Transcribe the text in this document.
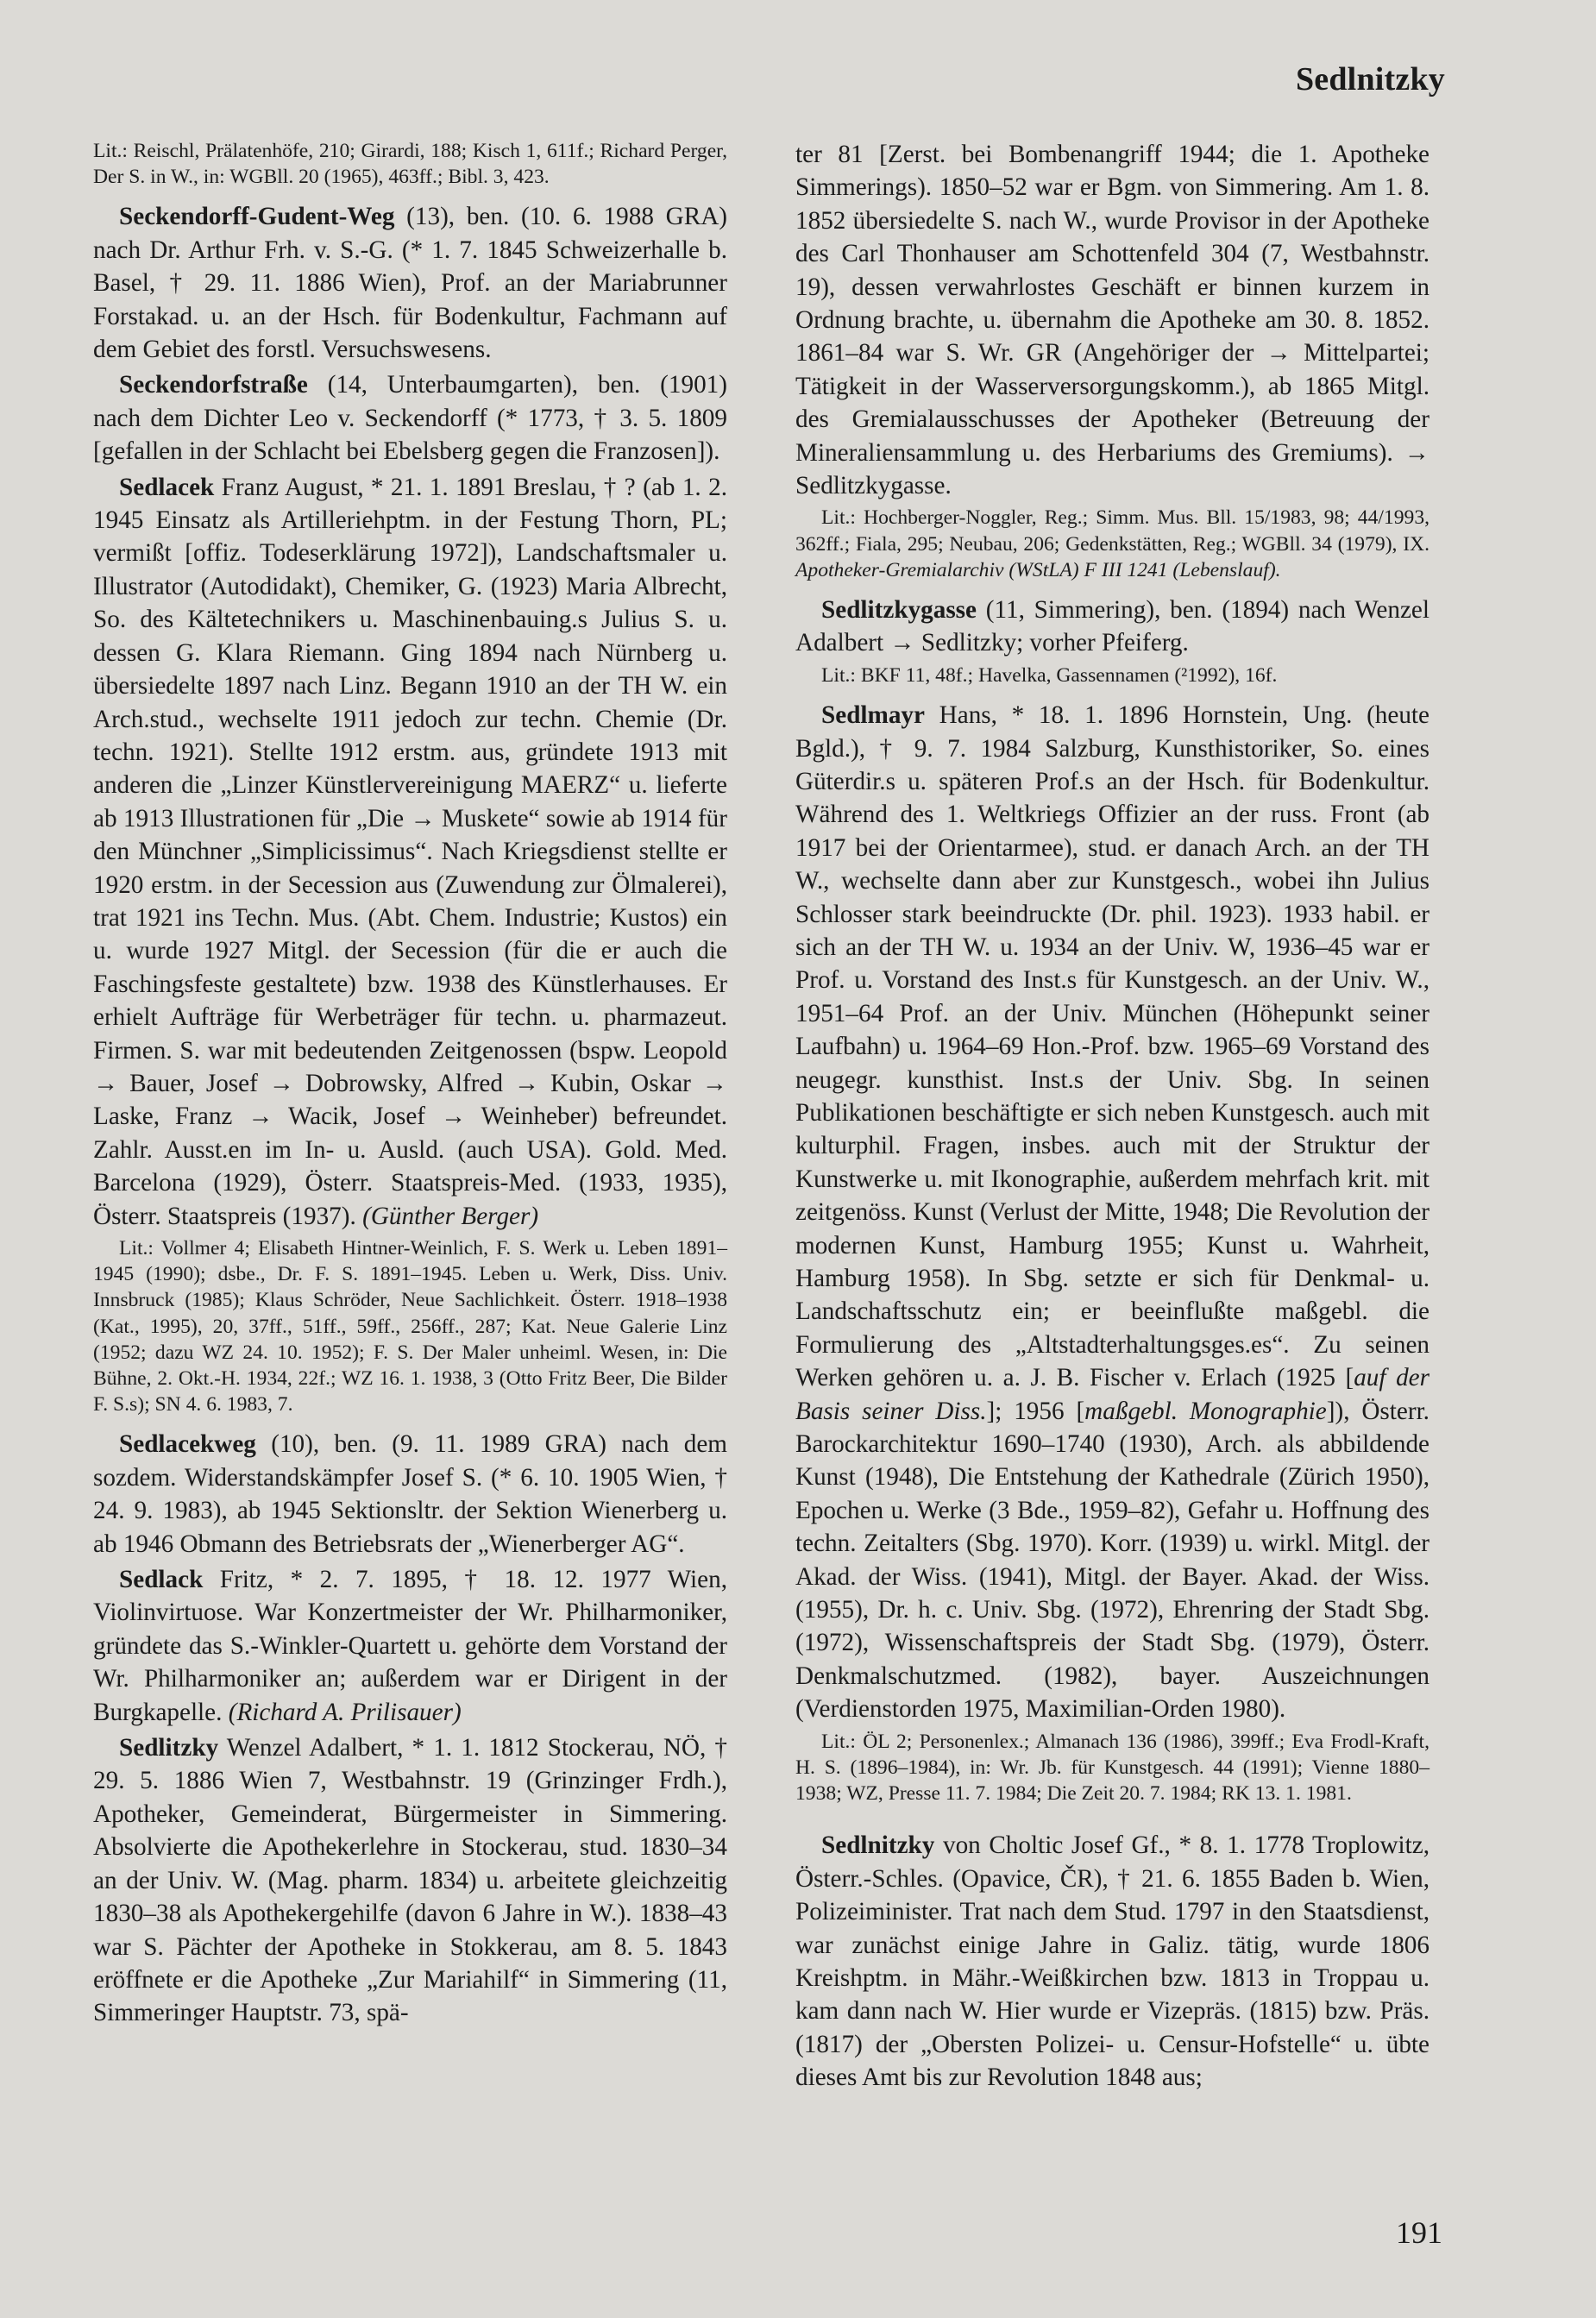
Sedlnitzky

Lit.: Reischl, Prälatenhöfe, 210; Girardi, 188; Kisch 1, 611f.; Richard Perger, Der S. in W., in: WGBll. 20 (1965), 463ff.; Bibl. 3, 423.

Seckendorff-Gudent-Weg (13), ben. (10. 6. 1988 GRA) nach Dr. Arthur Frh. v. S.-G. (* 1. 7. 1845 Schweizerhalle b. Basel, † 29. 11. 1886 Wien), Prof. an der Mariabrunner Forstakad. u. an der Hsch. für Bodenkultur, Fachmann auf dem Gebiet des forstl. Versuchswesens.

Seckendorfstraße (14, Unterbaumgarten), ben. (1901) nach dem Dichter Leo v. Seckendorff (* 1773, † 3. 5. 1809 [gefallen in der Schlacht bei Ebelsberg gegen die Franzosen]).

Sedlacek Franz August, * 21. 1. 1891 Breslau, † ? (ab 1. 2. 1945 Einsatz als Artilleriehptm. in der Festung Thorn, PL; vermißt [offiz. Todeserklärung 1972]), Landschaftsmaler u. Illustrator (Autodidakt), Chemiker, G. (1923) Maria Albrecht, So. des Kältetechnikers u. Maschinenbauing.s Julius S. u. dessen G. Klara Riemann. Ging 1894 nach Nürnberg u. übersiedelte 1897 nach Linz. Begann 1910 an der TH W. ein Arch.stud., wechselte 1911 jedoch zur techn. Chemie (Dr. techn. 1921). Stellte 1912 erstm. aus, gründete 1913 mit anderen die „Linzer Künstlervereinigung MAERZ“ u. lieferte ab 1913 Illustrationen für „Die → Muskete“ sowie ab 1914 für den Münchner „Simplicissimus“. Nach Kriegsdienst stellte er 1920 erstm. in der Secession aus (Zuwendung zur Ölmalerei), trat 1921 ins Techn. Mus. (Abt. Chem. Industrie; Kustos) ein u. wurde 1927 Mitgl. der Secession (für die er auch die Faschingsfeste gestaltete) bzw. 1938 des Künstlerhauses. Er erhielt Aufträge für Werbeträger für techn. u. pharmazeut. Firmen. S. war mit bedeutenden Zeitgenossen (bspw. Leopold → Bauer, Josef → Dobrowsky, Alfred → Kubin, Oskar → Laske, Franz → Wacik, Josef → Weinheber) befreundet. Zahlr. Ausst.en im In- u. Ausld. (auch USA). Gold. Med. Barcelona (1929), Österr. Staatspreis-Med. (1933, 1935), Österr. Staatspreis (1937). (Günther Berger)

Lit.: Vollmer 4; Elisabeth Hintner-Weinlich, F. S. Werk u. Leben 1891–1945 (1990); dsbe., Dr. F. S. 1891–1945. Leben u. Werk, Diss. Univ. Innsbruck (1985); Klaus Schröder, Neue Sachlichkeit. Österr. 1918–1938 (Kat., 1995), 20, 37ff., 51ff., 59ff., 256ff., 287; Kat. Neue Galerie Linz (1952; dazu WZ 24. 10. 1952); F. S. Der Maler unheiml. Wesen, in: Die Bühne, 2. Okt.-H. 1934, 22f.; WZ 16. 1. 1938, 3 (Otto Fritz Beer, Die Bilder F. S.s); SN 4. 6. 1983, 7.

Sedlacekweg (10), ben. (9. 11. 1989 GRA) nach dem sozdem. Widerstandskämpfer Josef S. (* 6. 10. 1905 Wien, † 24. 9. 1983), ab 1945 Sektionsltr. der Sektion Wienerberg u. ab 1946 Obmann des Betriebsrats der „Wienerberger AG“.

Sedlack Fritz, * 2. 7. 1895, † 18. 12. 1977 Wien, Violinvirtuose. War Konzertmeister der Wr. Philharmoniker, gründete das S.-Winkler-Quartett u. gehörte dem Vorstand der Wr. Philharmoniker an; außerdem war er Dirigent in der Burgkapelle. (Richard A. Prilisauer)

Sedlitzky Wenzel Adalbert, * 1. 1. 1812 Stockerau, NÖ, † 29. 5. 1886 Wien 7, Westbahnstr. 19 (Grinzinger Frdh.), Apotheker, Gemeinderat, Bürgermeister in Simmering. Absolvierte die Apothekerlehre in Stockerau, stud. 1830–34 an der Univ. W. (Mag. pharm. 1834) u. arbeitete gleichzeitig 1830–38 als Apothekergehilfe (davon 6 Jahre in W.). 1838–43 war S. Pächter der Apotheke in Stokkerau, am 8. 5. 1843 eröffnete er die Apotheke „Zur Mariahilf“ in Simmering (11, Simmeringer Hauptstr. 73, spä-

ter 81 [Zerst. bei Bombenangriff 1944; die 1. Apotheke Simmerings). 1850–52 war er Bgm. von Simmering. Am 1. 8. 1852 übersiedelte S. nach W., wurde Provisor in der Apotheke des Carl Thonhauser am Schottenfeld 304 (7, Westbahnstr. 19), dessen verwahrlostes Geschäft er binnen kurzem in Ordnung brachte, u. übernahm die Apotheke am 30. 8. 1852. 1861–84 war S. Wr. GR (Angehöriger der → Mittelpartei; Tätigkeit in der Wasserversorgungskomm.), ab 1865 Mitgl. des Gremialausschusses der Apotheker (Betreuung der Mineraliensammlung u. des Herbariums des Gremiums). → Sedlitzkygasse.

Lit.: Hochberger-Noggler, Reg.; Simm. Mus. Bll. 15/1983, 98; 44/1993, 362ff.; Fiala, 295; Neubau, 206; Gedenkstätten, Reg.; WGBll. 34 (1979), IX. Apotheker-Gremialarchiv (WStLA) F III 1241 (Lebenslauf).

Sedlitzkygasse (11, Simmering), ben. (1894) nach Wenzel Adalbert → Sedlitzky; vorher Pfeiferg.

Lit.: BKF 11, 48f.; Havelka, Gassennamen (²1992), 16f.

Sedlmayr Hans, * 18. 1. 1896 Hornstein, Ung. (heute Bgld.), † 9. 7. 1984 Salzburg, Kunsthistoriker, So. eines Güterdir.s u. späteren Prof.s an der Hsch. für Bodenkultur. Während des 1. Weltkriegs Offizier an der russ. Front (ab 1917 bei der Orientarmee), stud. er danach Arch. an der TH W., wechselte dann aber zur Kunstgesch., wobei ihn Julius Schlosser stark beeindruckte (Dr. phil. 1923). 1933 habil. er sich an der TH W. u. 1934 an der Univ. W, 1936–45 war er Prof. u. Vorstand des Inst.s für Kunstgesch. an der Univ. W., 1951–64 Prof. an der Univ. München (Höhepunkt seiner Laufbahn) u. 1964–69 Hon.-Prof. bzw. 1965–69 Vorstand des neugegr. kunsthist. Inst.s der Univ. Sbg. In seinen Publikationen beschäftigte er sich neben Kunstgesch. auch mit kulturphil. Fragen, insbes. auch mit der Struktur der Kunstwerke u. mit Ikonographie, außerdem mehrfach krit. mit zeitgenöss. Kunst (Verlust der Mitte, 1948; Die Revolution der modernen Kunst, Hamburg 1955; Kunst u. Wahrheit, Hamburg 1958). In Sbg. setzte er sich für Denkmal- u. Landschaftsschutz ein; er beeinflußte maßgebl. die Formulierung des „Altstadterhaltungsges.es“. Zu seinen Werken gehören u. a. J. B. Fischer v. Erlach (1925 [auf der Basis seiner Diss.]; 1956 [maßgebl. Monographie]), Österr. Barockarchitektur 1690–1740 (1930), Arch. als abbildende Kunst (1948), Die Entstehung der Kathedrale (Zürich 1950), Epochen u. Werke (3 Bde., 1959–82), Gefahr u. Hoffnung des techn. Zeitalters (Sbg. 1970). Korr. (1939) u. wirkl. Mitgl. der Akad. der Wiss. (1941), Mitgl. der Bayer. Akad. der Wiss. (1955), Dr. h. c. Univ. Sbg. (1972), Ehrenring der Stadt Sbg. (1972), Wissenschaftspreis der Stadt Sbg. (1979), Österr. Denkmalschutzmed. (1982), bayer. Auszeichnungen (Verdienstorden 1975, Maximilian-Orden 1980).

Lit.: ÖL 2; Personenlex.; Almanach 136 (1986), 399ff.; Eva Frodl-Kraft, H. S. (1896–1984), in: Wr. Jb. für Kunstgesch. 44 (1991); Vienne 1880–1938; WZ, Presse 11. 7. 1984; Die Zeit 20. 7. 1984; RK 13. 1. 1981.

Sedlnitzky von Choltic Josef Gf., * 8. 1. 1778 Troplowitz, Österr.-Schles. (Opavice, ČR), † 21. 6. 1855 Baden b. Wien, Polizeiminister. Trat nach dem Stud. 1797 in den Staatsdienst, war zunächst einige Jahre in Galiz. tätig, wurde 1806 Kreishptm. in Mähr.-Weißkirchen bzw. 1813 in Troppau u. kam dann nach W. Hier wurde er Vizepräs. (1815) bzw. Präs. (1817) der „Obersten Polizei- u. Censur-Hofstelle“ u. übte dieses Amt bis zur Revolution 1848 aus;

191
